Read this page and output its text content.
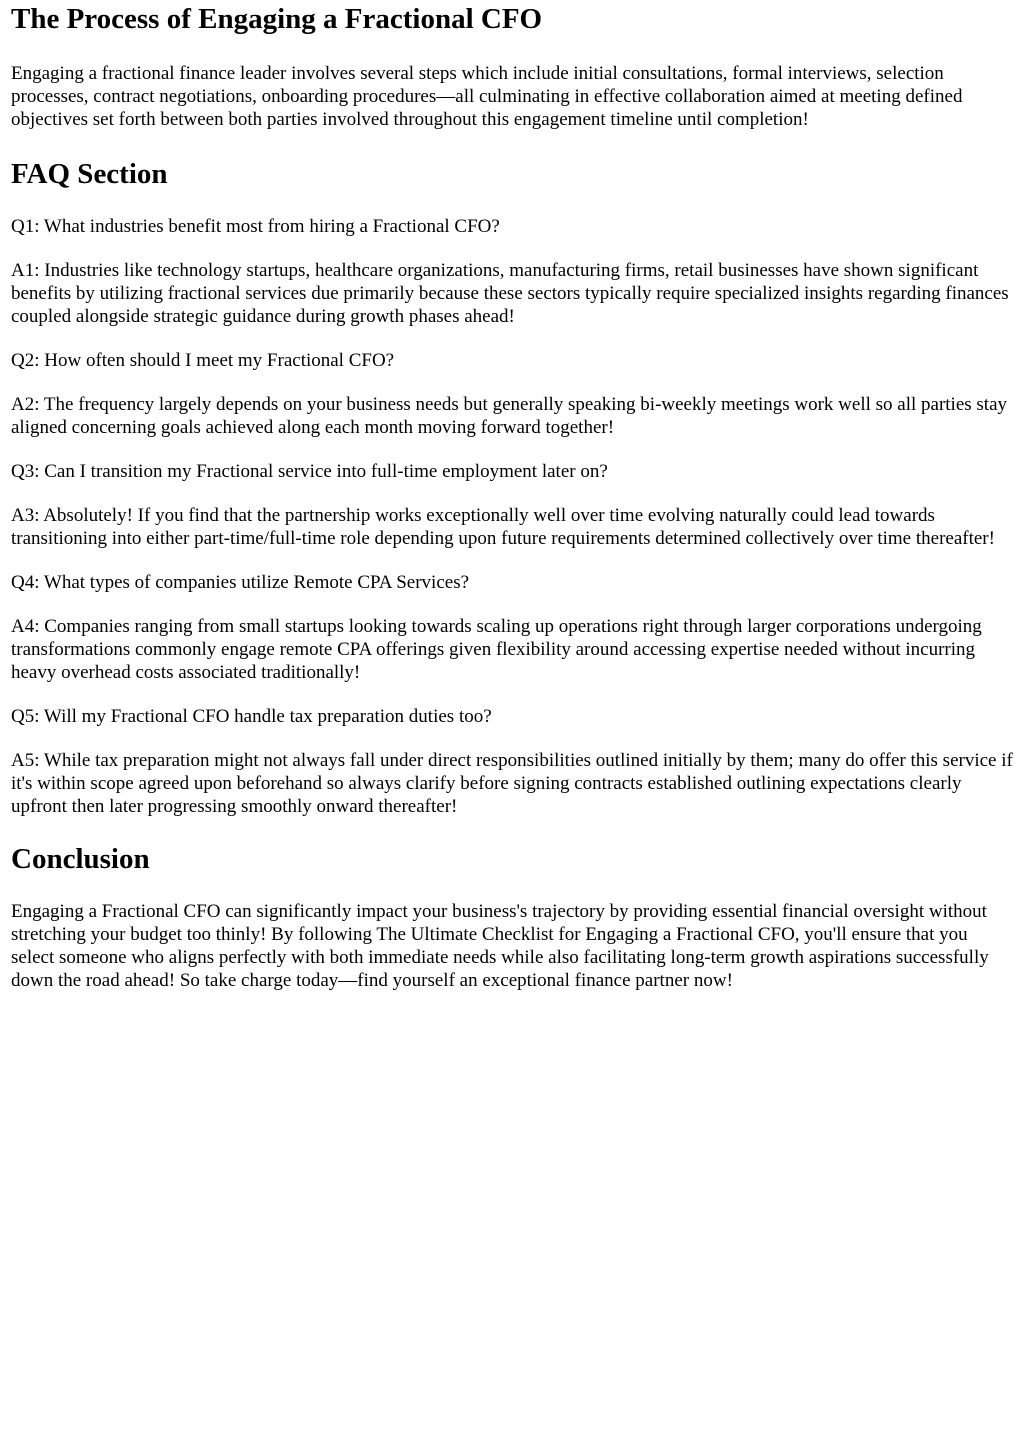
The Process of Engaging a Fractional CFO

Engaging a fractional finance leader involves several steps which include initial consultations, formal interviews, selection processes, contract negotiations, onboarding procedures—all culminating in effective collaboration aimed at meeting defined objectives set forth between both parties involved throughout this engagement timeline until completion!

FAQ Section

Q1: What industries benefit most from hiring a Fractional CFO?

A1: Industries like technology startups, healthcare organizations, manufacturing firms, retail businesses have shown significant benefits by utilizing fractional services due primarily because these sectors typically require specialized insights regarding finances coupled alongside strategic guidance during growth phases ahead!

Q2: How often should I meet my Fractional CFO?

A2: The frequency largely depends on your business needs but generally speaking bi-weekly meetings work well so all parties stay aligned concerning goals achieved along each month moving forward together!

Q3: Can I transition my Fractional service into full-time employment later on?

A3: Absolutely! If you find that the partnership works exceptionally well over time evolving naturally could lead towards transitioning into either part-time/full-time role depending upon future requirements determined collectively over time thereafter!

Q4: What types of companies utilize Remote CPA Services?

A4: Companies ranging from small startups looking towards scaling up operations right through larger corporations undergoing transformations commonly engage remote CPA offerings given flexibility around accessing expertise needed without incurring heavy overhead costs associated traditionally!

Q5: Will my Fractional CFO handle tax preparation duties too?

A5: While tax preparation might not always fall under direct responsibilities outlined initially by them; many do offer this service if it's within scope agreed upon beforehand so always clarify before signing contracts established outlining expectations clearly upfront then later progressing smoothly onward thereafter!

Conclusion

Engaging a Fractional CFO can significantly impact your business's trajectory by providing essential financial oversight without stretching your budget too thinly! By following The Ultimate Checklist for Engaging a Fractional CFO, you'll ensure that you select someone who aligns perfectly with both immediate needs while also facilitating long-term growth aspirations successfully down the road ahead! So take charge today—find yourself an exceptional finance partner now!
